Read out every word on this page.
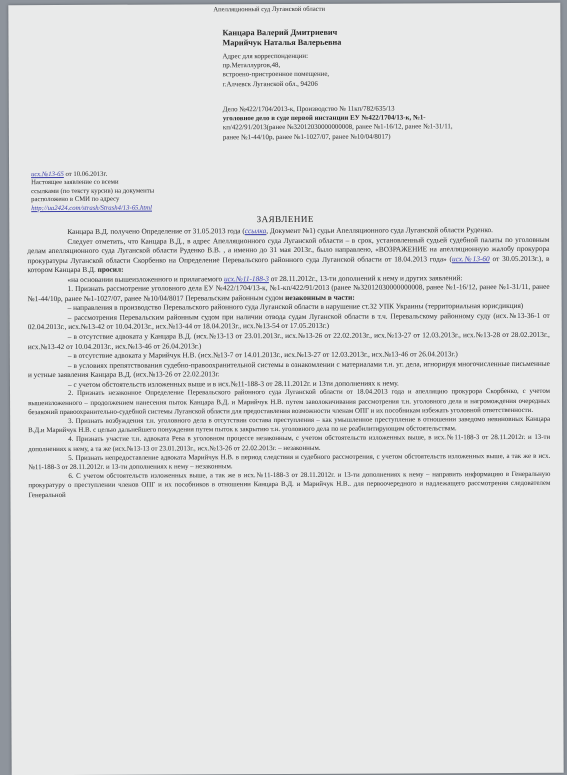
Апелляционный суд Луганской области
Канцара Валерий Дмитриевич
Марийчук Наталья Валерьевна
Адрес для корреспонденции:
пр.Металлургов,48,
встроено-пристроенное помещение,
г.Алчевск Луганской обл., 94206
Дело №422/1704/2013-к, Производство № 11кп/782/635/13
уголовное дело в суде первой инстанции ЕУ №422/1704/13-к, №1-
кп/422/91/2013(ранее №32012030000000008, ранее №1-16/12, ранее №1-31/11,
ранее №1-44/10р, ранее №1-1027/07, ранее №10/04/8017)
исх.№13-65 от 10.06.2013г.
Настоящее заявление со всеми
ссылками (по тексту курсив) на документы
расположено в СМИ по адресу
http://ua2424.com/strash/Strash4/13-65.html
ЗАЯВЛЕНИЕ

Канцара В.Д. получено Определение от 31.05.2013 года (ссылка, Документ №1) судьи Апелляционного суда Луганской области Руденко.

Следует отметить, что Канцара В.Д., в адрес Апелляционного суда Луганской области – в срок, установленный судьей судебной палаты по уголовным делам апелляционного суда Луганской области Руденко В.В. , а именно до 31 мая 2013г., было направлено, «ВОЗРАЖЕНИЕ на апелляционную жалобу прокурора прокуратуры Луганской области Скорбенко на Определение Перевальского районного суда Луганской области от 18.04.2013 года» (исх.№13-60 от 30.05.2013г.), в котором Канцара В.Д. просил:

«на основании вышеизложенного и прилагаемого исх.№11-188-3 от 28.11.2012г., 13-ти дополнений к нему и других заявлений:

1. Признать рассмотрение уголовного дела ЕУ №422/1704/13-к, №1-кп/422/91/2013 (ранее №32012030000000008, ранее №1-16/12, ранее №1-31/11, ранее №1-44/10р, ранее №1-1027/07, ранее №10/04/8017 Перевальским районным судом незаконным в части:

– направления в производство Перевальского районного суда Луганской области в нарушение ст.32 УПК Украины (территориальная юрисдикция)

– рассмотрения Перевальским районным судом при наличии отвода судам Луганской области в т.ч. Перевальскому районному суду (исх.№13-36-1 от 02.04.2013г., исх.№13-42 от 10.04.2013г., исх.№13-44 от 18.04.2013г., исх.№13-54 от 17.05.2013г.)

– в отсутствие адвоката у Канцара В.Д. (исх.№13-13 от 23.01.2013г., исх.№13-26 от 22.02.2013г., исх.№13-27 от 12.03.2013г., исх.№13-28 от 28.02.2013г., исх.№13-42 от 10.04.2013г., исх.№13-46 от 26.04.2013г.)

– в отсутствие адвоката у Марийчук Н.В. (исх.№13-7 от 14.01.2013г., исх.№13-27 от 12.03.2013г., исх.№13-46 от 26.04.2013г.)

– в условиях препятствования судебно-правоохранительной системы в ознакомлении с материалами т.н. уг. дела, игнорируя многочисленные письменные и устные заявления Канцара В.Д. (исх.№13-26 от 22.02.2013г.

– с учетом обстоятельств изложенных выше и в исх.№11-188-3 от 28.11.2012г. и 13ти дополнениях к нему.

2. Признать незаконное Определение Перевальского районного суда Луганской области от 18.04.2013 года и апелляцию прокурора Скорбенко, с учетом вышеизложенного – продолжением нанесения пыток Канцара В.Д. и Марийчук Н.В. путем заволокичивания рассмотрения т.н. уголовного дела и нагромождения очередных безаконий правоохранительно-судебной системы Луганской области для предоставления возможности членам ОПГ и их пособникам избежать уголовной ответственности.

3. Признать возбуждения т.н. уголовного дела в отсутствии состава преступления – как умышленное преступление в отношении заведомо невиновных Канцара В.Д.и Марийчук Н.В. с целью дальнейшего понуждения путем пыток к закрытию т.н. уголовного дела по не реабилитирующим обстоятельствам.

4. Признать участие т.н. адвоката Рева в уголовном процессе незаконным, с учетом обстоятельств изложенных выше, в исх.№11-188-3 от 28.11.2012г. и 13-ти дополнениях к нему, а та же (исх.№13-13 от 23.01.2013г., исх.№13-26 от 22.02.2013г. – незаконным.

5. Признать непредоставление адвоката Марийчук Н.В. в период следствия и судебного рассмотрения, с учетом обстоятельств изложенных выше, а так же в исх.№11-188-3 от 28.11.2012г. и 13-ти дополнениях к нему – незаконным.

6. С учетом обстоятельств изложенных выше, а так же в исх.№11-188-3 от 28.11.2012г. и 13-ти дополнениях к нему – направить информацию в Генеральную прокуратуру о преступлении членов ОПГ и их пособников в отношении Канцара В.Д. и Марийчук Н.В.. для первоочередного и надлежащего рассмотрения следователем Генеральной
